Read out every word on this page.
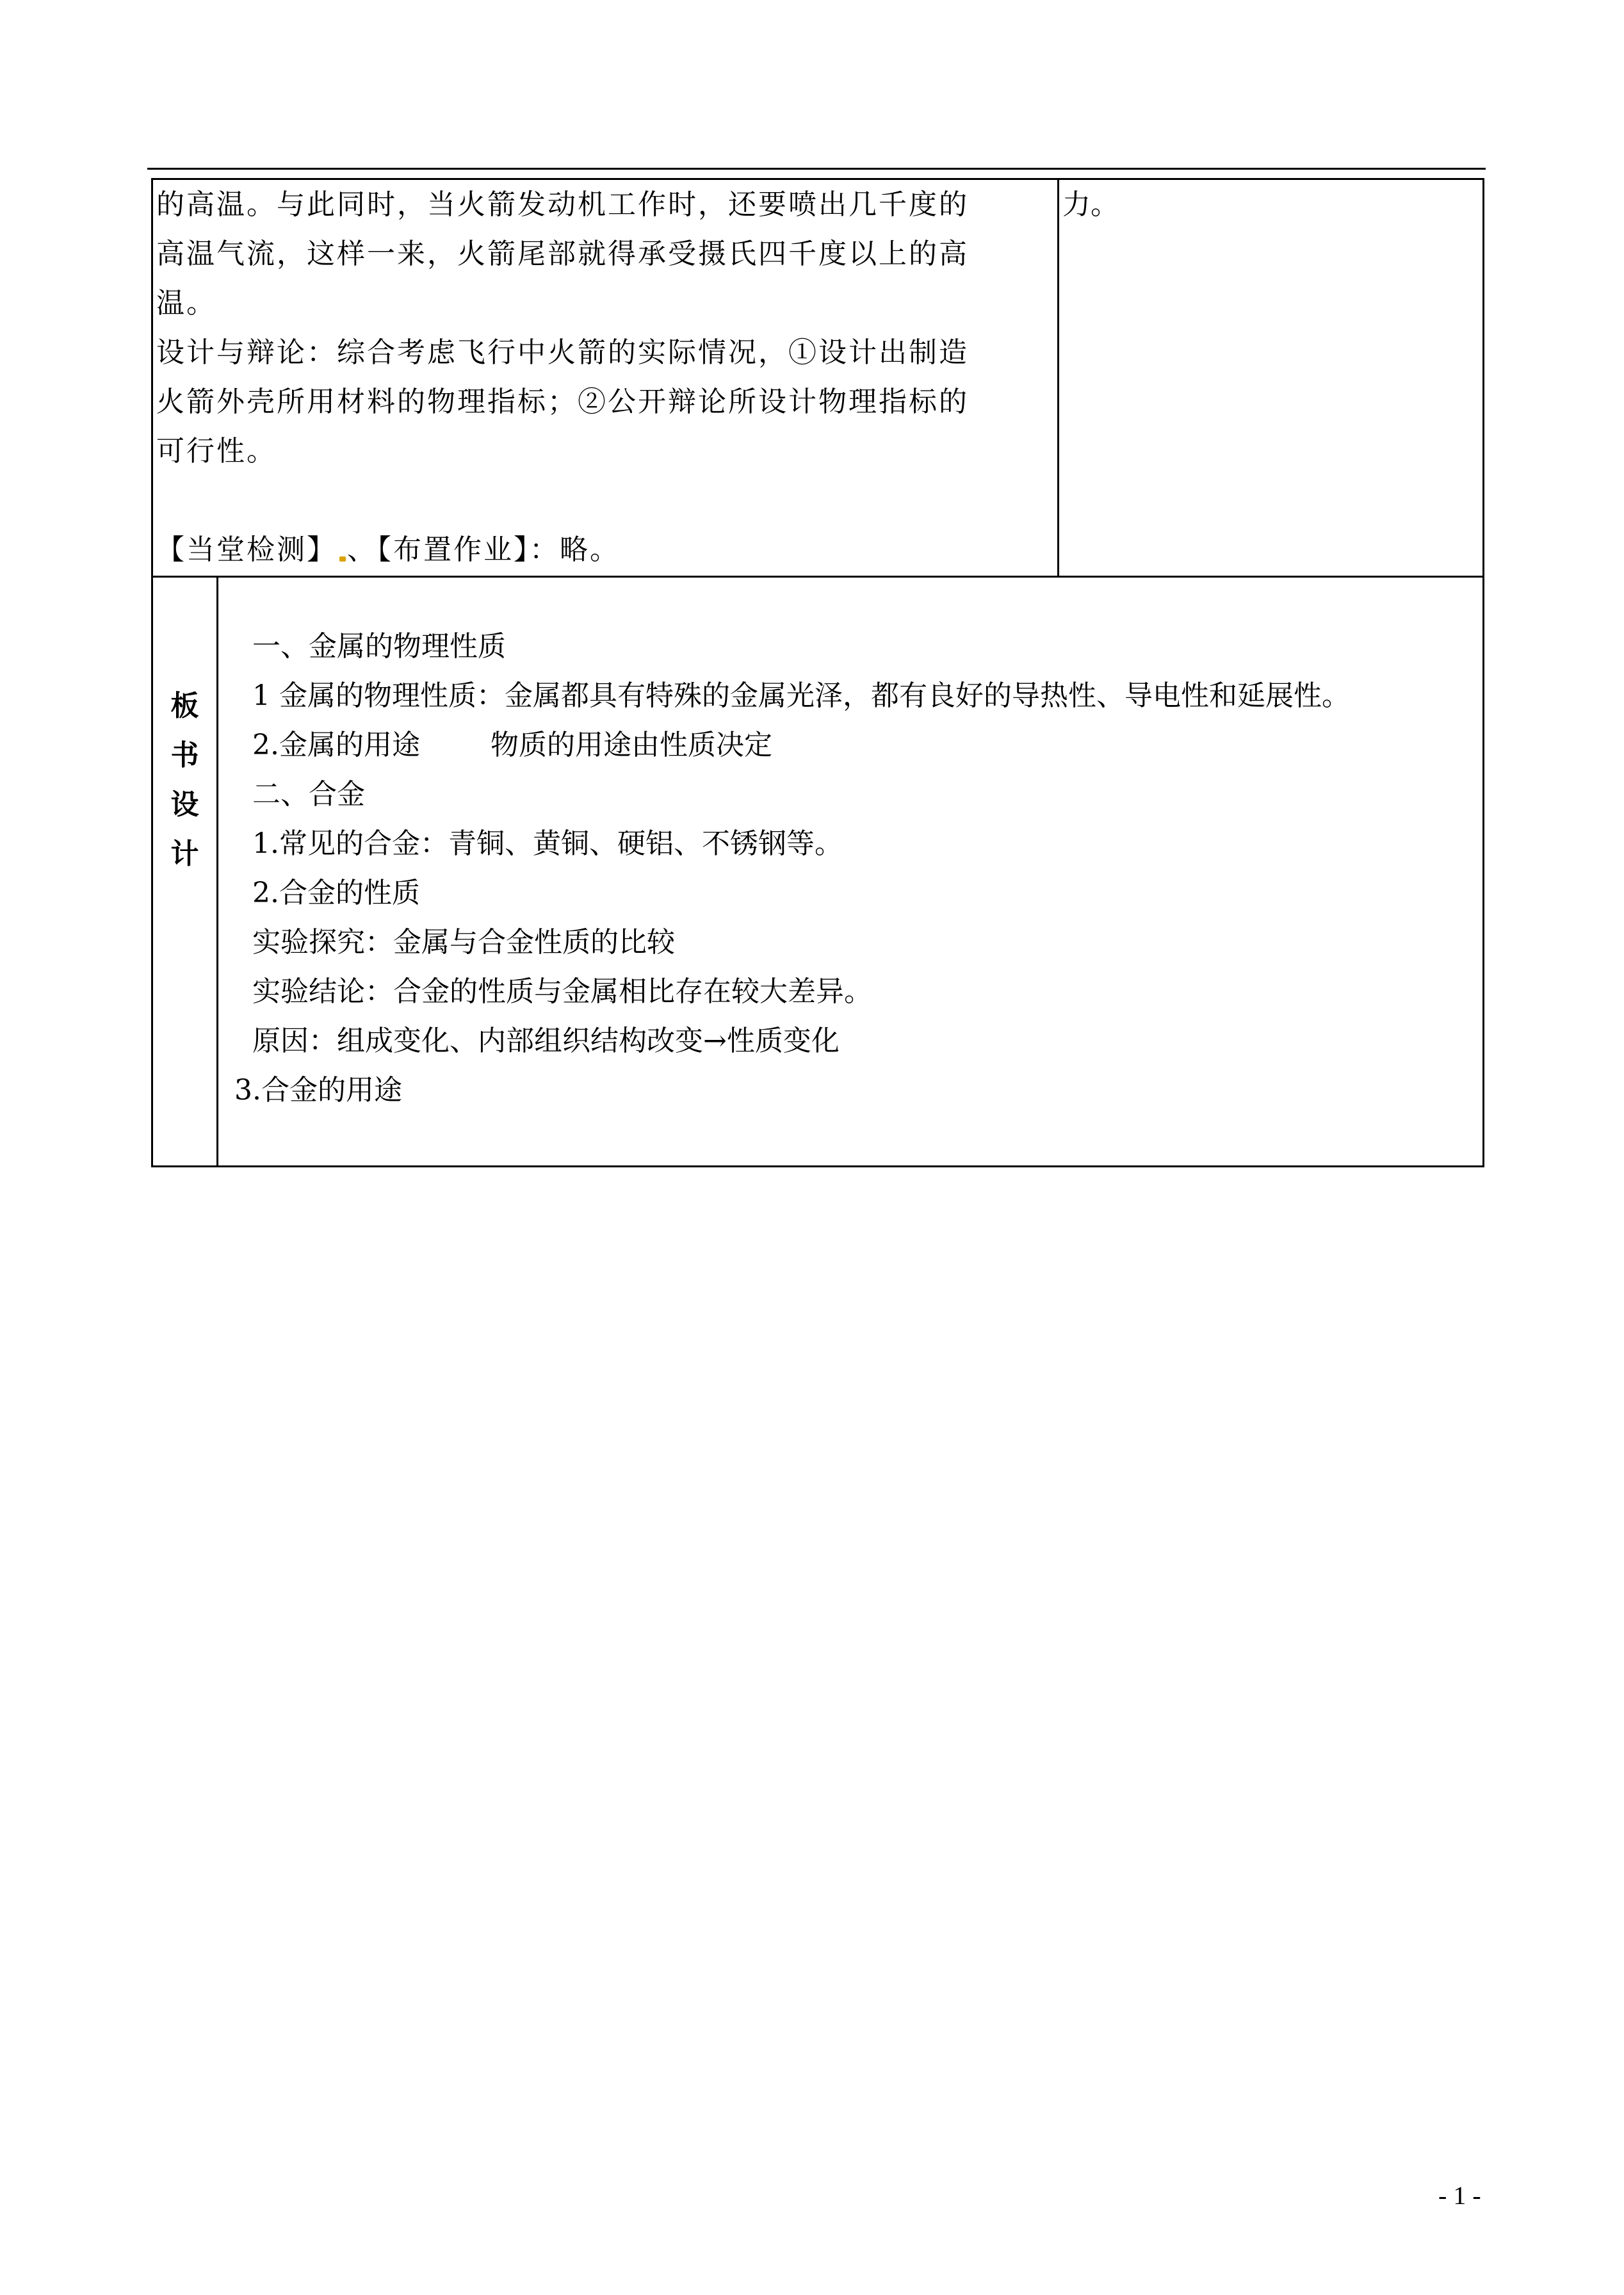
的高温。与此同时，当火箭发动机工作时，还要喷出几千度的

高温气流，这样一来，火箭尾部就得承受摄氏四千度以上的高

温。

设计与辩论：综合考虑飞行中火箭的实际情况，①设计出制造

火箭外壳所用材料的物理指标；②公开辩论所设计物理指标的

可行性。

【当堂检测】 、【布置作业】：略。

力。
板
书
设
计

一、金属的物理性质

1 金属的物理性质：金属都具有特殊的金属光泽，都有良好的导热性、导电性和延展性。

2.金属的用途	物质的用途由性质决定

二、合金

1.常见的合金：青铜、黄铜、硬铝、不锈钢等。

2.合金的性质

实验探究：金属与合金性质的比较

实验结论：合金的性质与金属相比存在较大差异。

原因：组成变化、内部组织结构改变→性质变化

3.合金的用途

- 1 -
